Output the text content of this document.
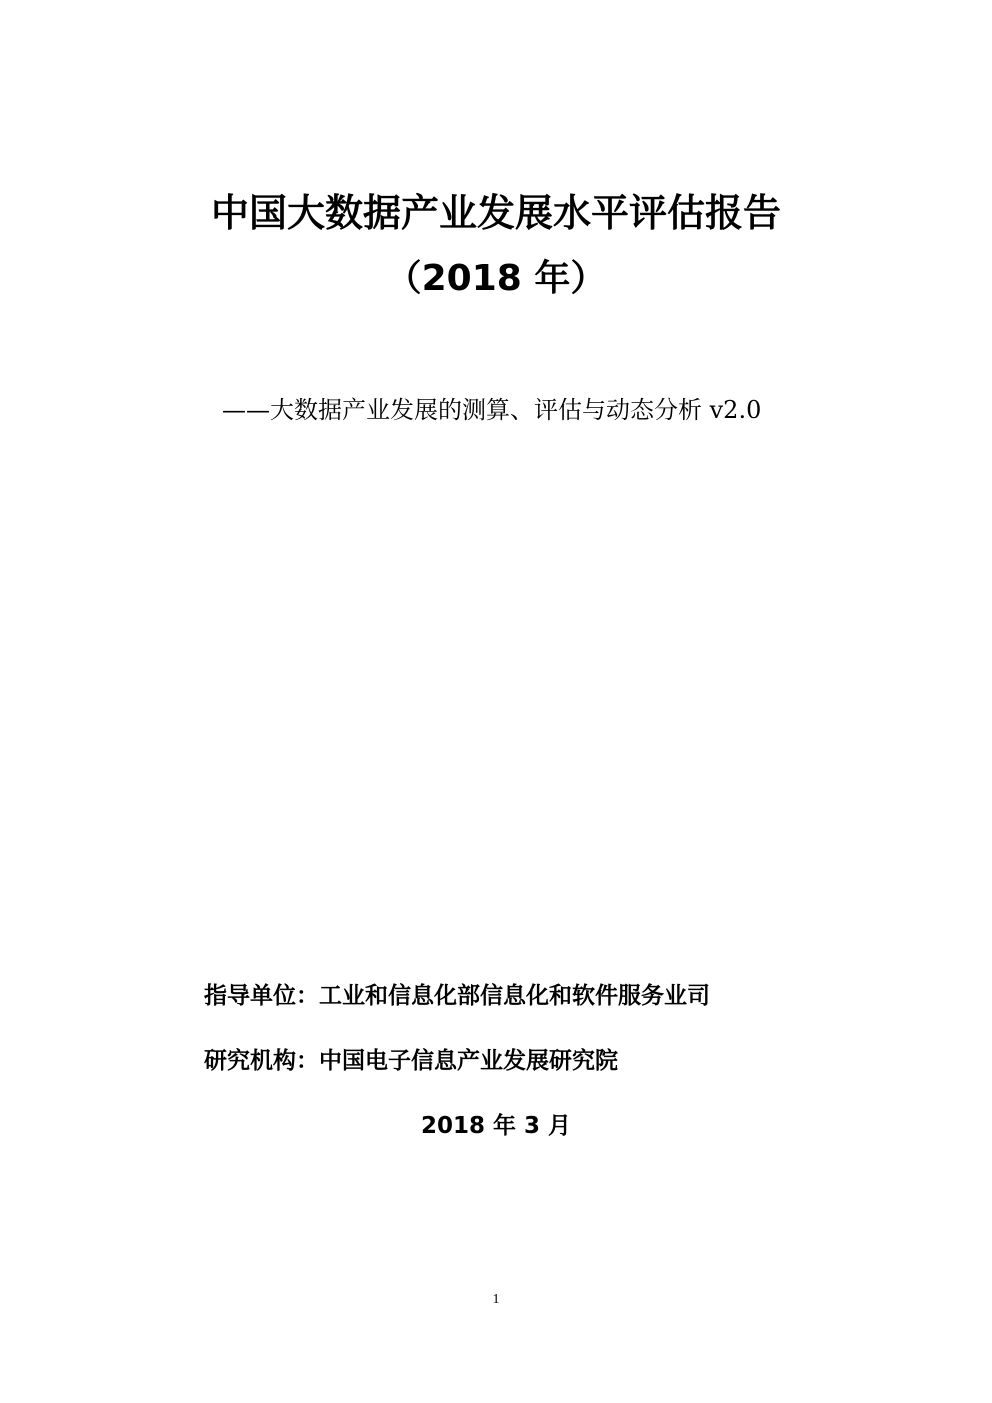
中国大数据产业发展水平评估报告
（2018 年）
——大数据产业发展的测算、评估与动态分析 v2.0
指导单位：工业和信息化部信息化和软件服务业司
研究机构：中国电子信息产业发展研究院
2018 年 3 月
1
